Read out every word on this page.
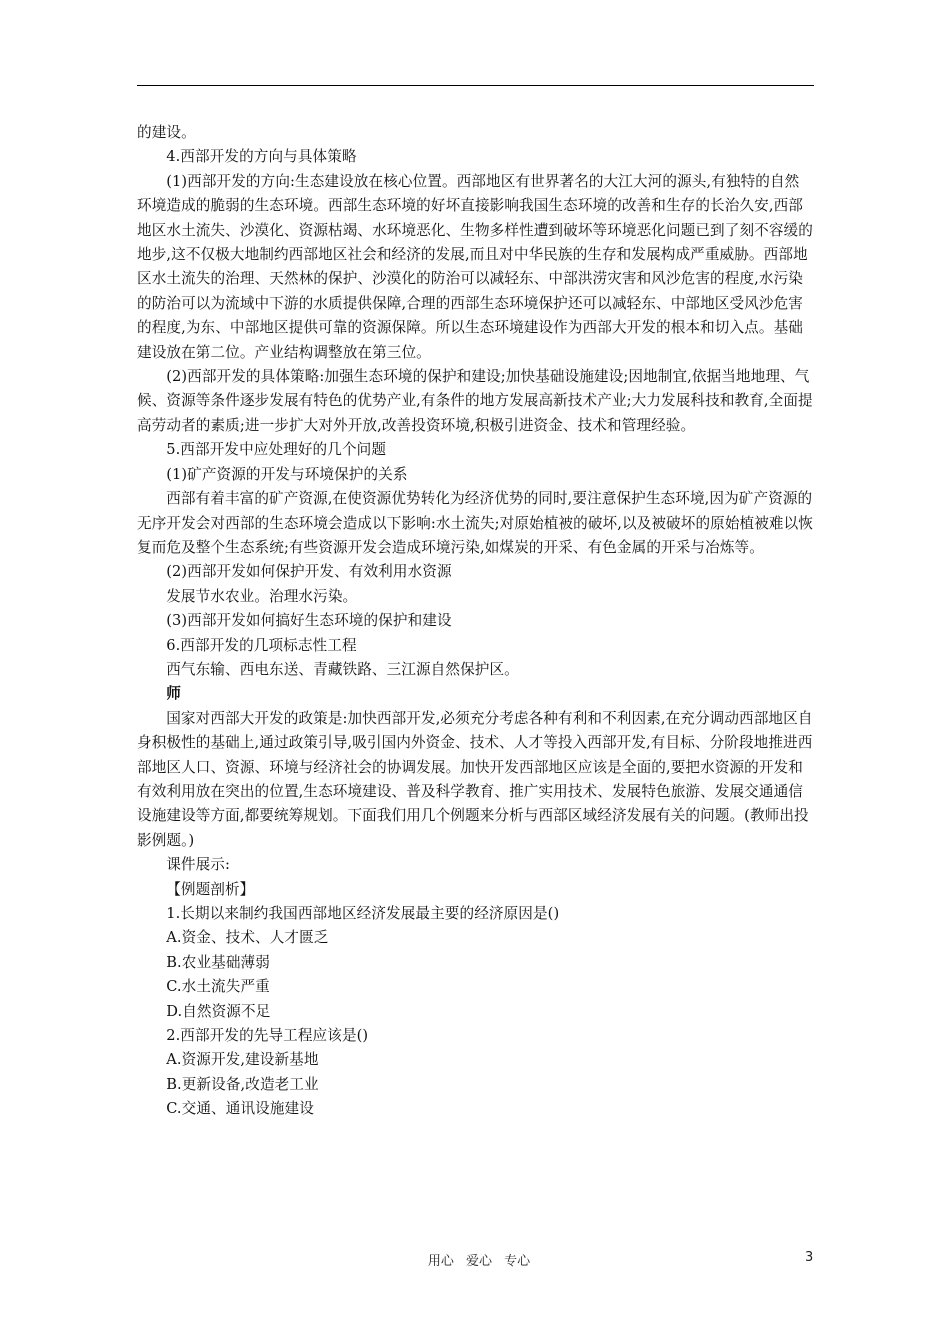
的建设。

4.西部开发的方向与具体策略

(1)西部开发的方向:生态建设放在核心位置。西部地区有世界著名的大江大河的源头,有独特的自然环境造成的脆弱的生态环境。西部生态环境的好坏直接影响我国生态环境的改善和生存的长治久安,西部地区水土流失、沙漠化、资源枯竭、水环境恶化、生物多样性遭到破坏等环境恶化问题已到了刻不容缓的地步,这不仅极大地制约西部地区社会和经济的发展,而且对中华民族的生存和发展构成严重威胁。西部地区水土流失的治理、天然林的保护、沙漠化的防治可以减轻东、中部洪涝灾害和风沙危害的程度,水污染的防治可以为流域中下游的水质提供保障,合理的西部生态环境保护还可以减轻东、中部地区受风沙危害的程度,为东、中部地区提供可靠的资源保障。所以生态环境建设作为西部大开发的根本和切入点。基础建设放在第二位。产业结构调整放在第三位。

(2)西部开发的具体策略:加强生态环境的保护和建设;加快基础设施建设;因地制宜,依据当地地理、气候、资源等条件逐步发展有特色的优势产业,有条件的地方发展高新技术产业;大力发展科技和教育,全面提高劳动者的素质;进一步扩大对外开放,改善投资环境,积极引进资金、技术和管理经验。

5.西部开发中应处理好的几个问题

(1)矿产资源的开发与环境保护的关系

西部有着丰富的矿产资源,在使资源优势转化为经济优势的同时,要注意保护生态环境,因为矿产资源的无序开发会对西部的生态环境会造成以下影响:水土流失;对原始植被的破坏,以及被破坏的原始植被难以恢复而危及整个生态系统;有些资源开发会造成环境污染,如煤炭的开采、有色金属的开采与冶炼等。

(2)西部开发如何保护开发、有效利用水资源

发展节水农业。治理水污染。

(3)西部开发如何搞好生态环境的保护和建设

6.西部开发的几项标志性工程

西气东输、西电东送、青藏铁路、三江源自然保护区。

师

国家对西部大开发的政策是:加快西部开发,必须充分考虑各种有利和不利因素,在充分调动西部地区自身积极性的基础上,通过政策引导,吸引国内外资金、技术、人才等投入西部开发,有目标、分阶段地推进西部地区人口、资源、环境与经济社会的协调发展。加快开发西部地区应该是全面的,要把水资源的开发和有效利用放在突出的位置,生态环境建设、普及科学教育、推广实用技术、发展特色旅游、发展交通通信设施建设等方面,都要统筹规划。下面我们用几个例题来分析与西部区域经济发展有关的问题。(教师出投影例题。)

课件展示:

【例题剖析】

1.长期以来制约我国西部地区经济发展最主要的经济原因是()

A.资金、技术、人才匮乏

B.农业基础薄弱

C.水土流失严重

D.自然资源不足

2.西部开发的先导工程应该是()

A.资源开发,建设新基地

B.更新设备,改造老工业

C.交通、通讯设施建设

用心 爱心 专心	3
